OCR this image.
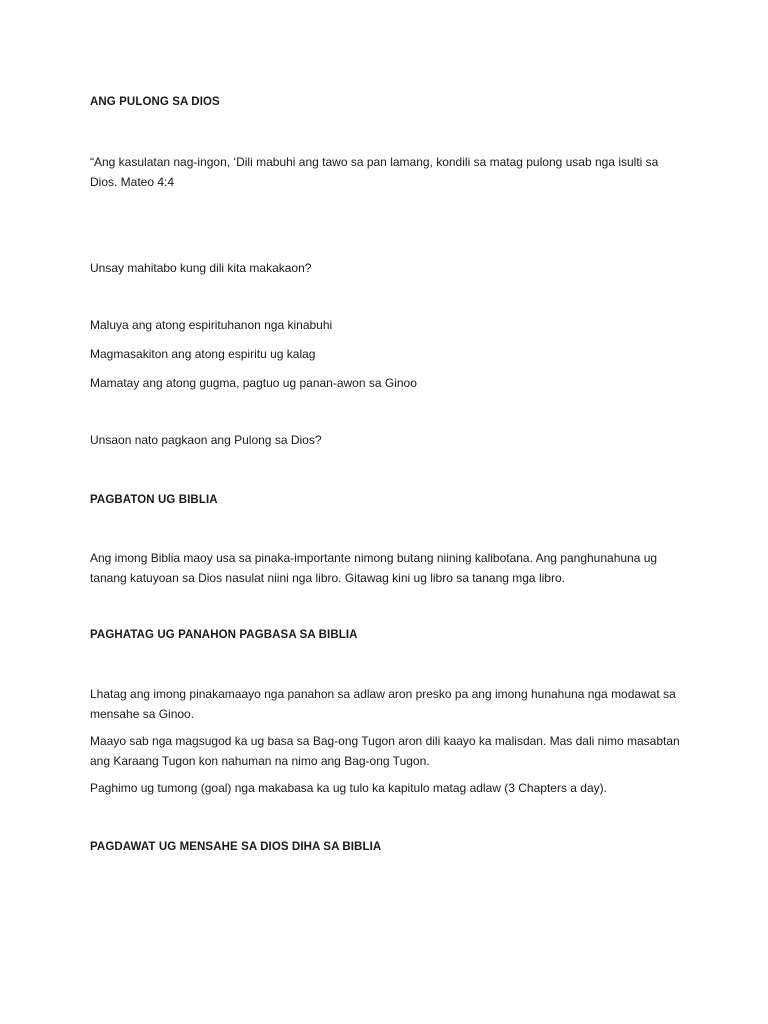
ANG PULONG SA DIOS

“Ang kasulatan nag-ingon, ‘Dili mabuhi ang tawo sa pan lamang, kondili sa matag pulong usab nga isulti sa Dios. Mateo 4:4

Unsay mahitabo kung dili kita makakaon?

Maluya ang atong espirituhanon nga kinabuhi

Magmasakiton ang atong espiritu ug kalag

Mamatay ang atong gugma, pagtuo ug panan-awon sa Ginoo

Unsaon nato pagkaon ang Pulong sa Dios?

PAGBATON UG BIBLIA

Ang imong Biblia maoy usa sa pinaka-importante nimong butang niining kalibotana. Ang panghunahuna ug tanang katuyoan sa Dios nasulat niini nga libro. Gitawag kini ug libro sa tanang mga libro.

PAGHATAG UG PANAHON PAGBASA SA BIBLIA

Lhatag ang imong pinakamaayo nga panahon sa adlaw aron presko pa ang imong hunahuna nga modawat sa mensahe sa Ginoo.

Maayo sab nga magsugod ka ug basa sa Bag-ong Tugon aron dili kaayo ka malisdan. Mas dali nimo masabtan ang Karaang Tugon kon nahuman na nimo ang Bag-ong Tugon.

Paghimo ug tumong (goal) nga makabasa ka ug tulo ka kapitulo matag adlaw (3 Chapters a day).

PAGDAWAT UG MENSAHE SA DIOS DIHA SA BIBLIA
